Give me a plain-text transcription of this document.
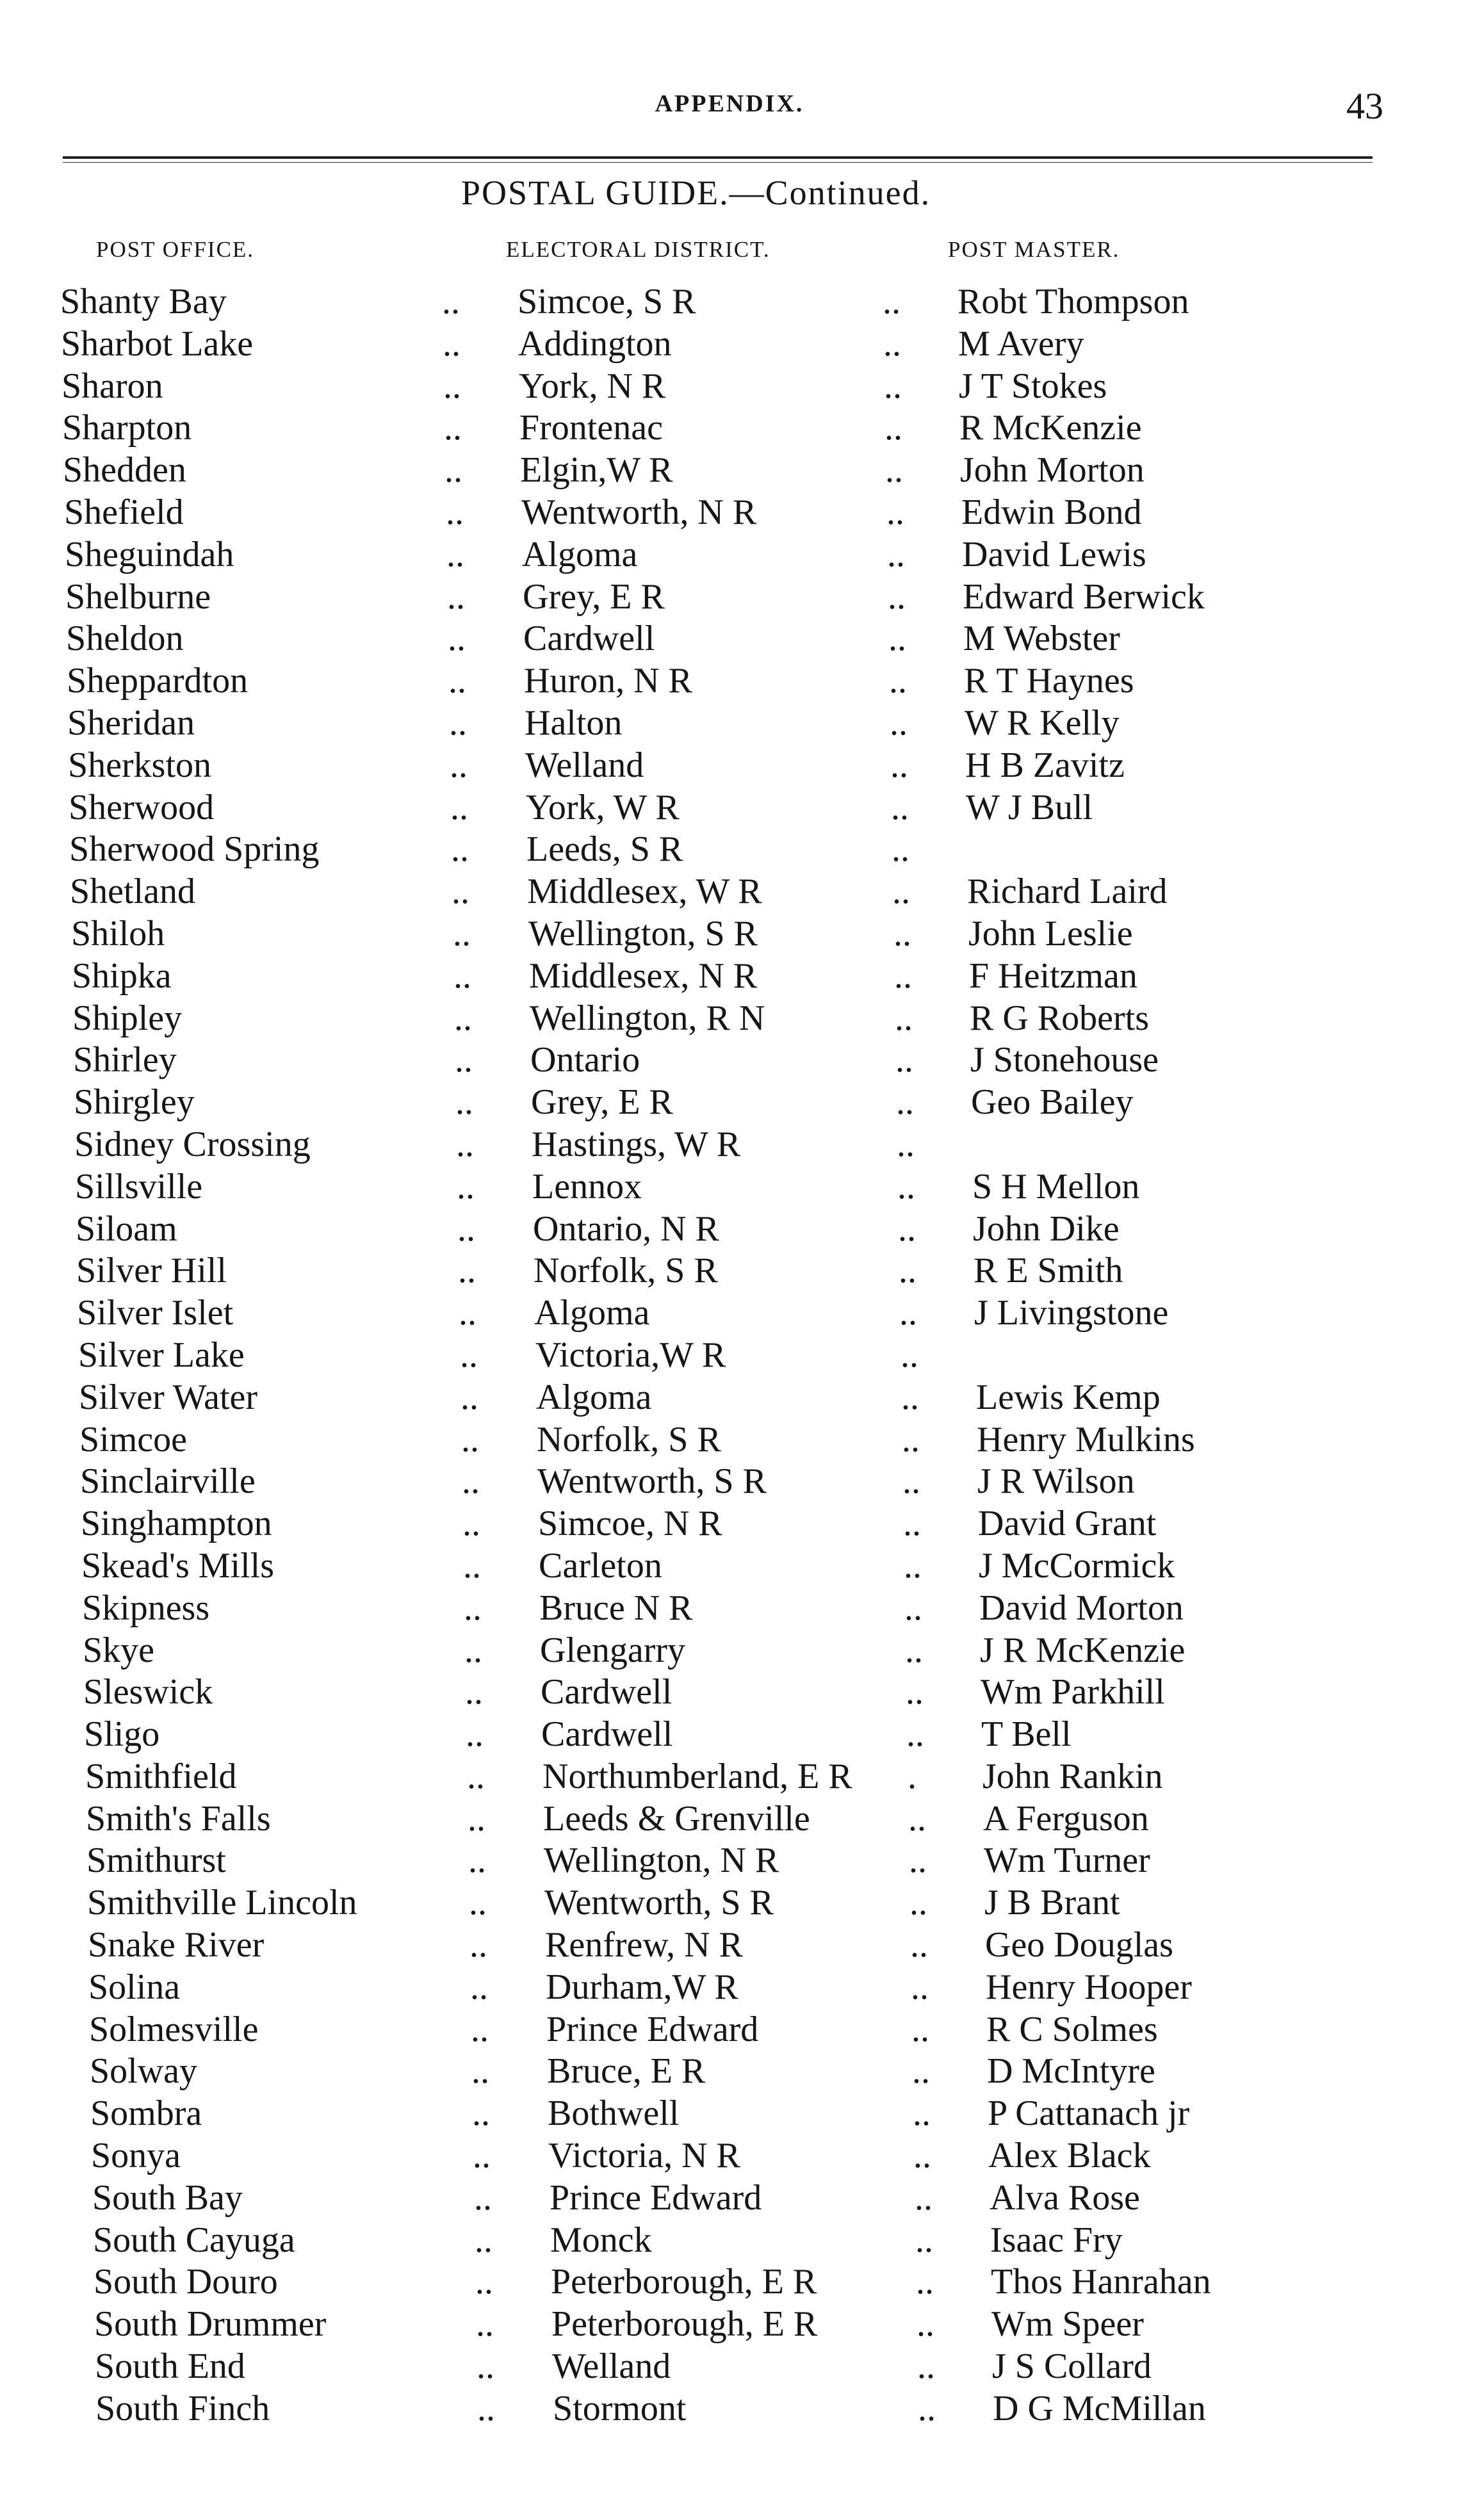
APPENDIX.	43
POSTAL GUIDE.—Continued.
POST OFFICE.	ELECTORAL DISTRICT.	POST MASTER.
Shanty Bay	.. Simcoe, S R	.. Robt Thompson
Sharbot Lake	.. Addington	.. M Avery
Sharon	.. York, N R	.. J T Stokes
Sharpton	.. Frontenac	.. R McKenzie
Shedden	.. Elgin,W R	.. John Morton
Shefield	.. Wentworth, N R	.. Edwin Bond
Sheguindah	.. Algoma	.. David Lewis
Shelburne	.. Grey, E R	.. Edward Berwick
Sheldon	.. Cardwell	.. M Webster
Sheppardton	.. Huron, N R	.. R T Haynes
Sheridan	.. Halton	.. W R Kelly
Sherkston	.. Welland	.. H B Zavitz
Sherwood	.. York, W R	.. W J Bull
Sherwood Spring	.. Leeds, S R	..
Shetland	.. Middlesex, W R	.. Richard Laird
Shiloh	.. Wellington, S R	.. John Leslie
Shipka	.. Middlesex, N R	.. F Heitzman
Shipley	.. Wellington, R N	.. R G Roberts
Shirley	.. Ontario	.. J Stonehouse
Shirgley	.. Grey, E R	.. Geo Bailey
Sidney Crossing	.. Hastings, W R	..
Sillsville	.. Lennox	.. S H Mellon
Siloam	.. Ontario, N R	.. John Dike
Silver Hill	.. Norfolk, S R	.. R E Smith
Silver Islet	.. Algoma	.. J Livingstone
Silver Lake	.. Victoria,W R	..
Silver Water	.. Algoma	.. Lewis Kemp
Simcoe	.. Norfolk, S R	.. Henry Mulkins
Sinclairville	.. Wentworth, S R	.. J R Wilson
Singhampton	.. Simcoe, N R	.. David Grant
Skead's Mills	.. Carleton	.. J McCormick
Skipness	.. Bruce N R	.. David Morton
Skye	.. Glengarry	.. J R McKenzie
Sleswick	.. Cardwell	.. Wm Parkhill
Sligo	.. Cardwell	.. T Bell
Smithfield	.. Northumberland, E R . John Rankin
Smith's Falls	.. Leeds & Grenville	.. A Ferguson
Smithurst	.. Wellington, N R	.. Wm Turner
Smithville Lincoln	.. Wentworth, S R	.. J B Brant
Snake River	.. Renfrew, N R	.. Geo Douglas
Solina	.. Durham,W R	.. Henry Hooper
Solmesville	.. Prince Edward	.. R C Solmes
Solway	.. Bruce, E R	.. D McIntyre
Sombra	.. Bothwell	.. P Cattanach jr
Sonya	.. Victoria, N R	.. Alex Black
South Bay	.. Prince Edward	.. Alva Rose
South Cayuga	.. Monck	.. Isaac Fry
South Douro	.. Peterborough, E R	.. Thos Hanrahan
South Drummer	.. Peterborough, E R	.. Wm Speer
South End	.. Welland	.. J S Collard
South Finch	.. Stormont	.. D G McMillan
